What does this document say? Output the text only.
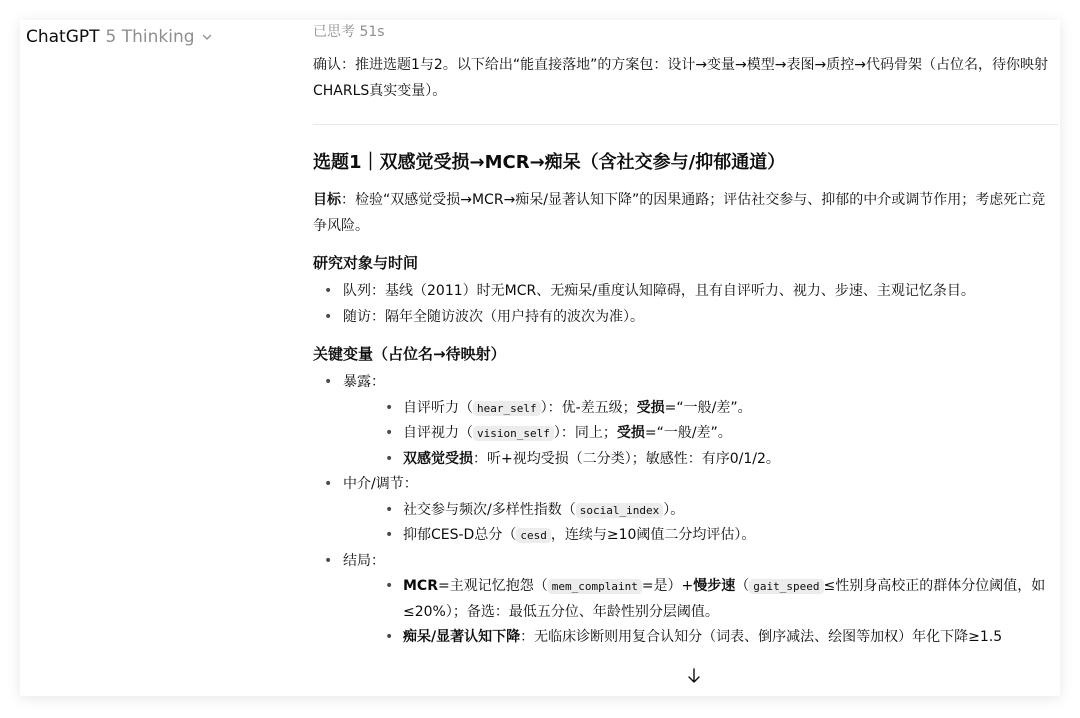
ChatGPT 5 Thinking	已思考 51s
确认：推进选题1与2。以下给出“能直接落地”的方案包：设计→变量→模型→表图→质控→代码骨架（占位名，待你映射CHARLS真实变量）。
选题1｜双感觉受损→MCR→痴呆（含社交参与/抑郁通道）
目标：检验“双感觉受损→MCR→痴呆/显著认知下降”的因果通路；评估社交参与、抑郁的中介或调节作用；考虑死亡竞争风险。
研究对象与时间
• 队列：基线（2011）时无MCR、无痴呆/重度认知障碍，且有自评听力、视力、步速、主观记忆条目。
• 随访：隔年全随访波次（用户持有的波次为准）。
关键变量（占位名→待映射）
• 暴露：
• 自评听力（ hear_self ）：优-差五级；受损=“一般/差”。
• 自评视力（ vision_self ）：同上；受损=“一般/差”。
• 双感觉受损：听+视均受损（二分类）；敏感性：有序0/1/2。
• 中介/调节：
• 社交参与频次/多样性指数（ social_index ）。
• 抑郁CES-D总分（ cesd ，连续与≥10阈值二分均评估）。
• 结局：
• MCR=主观记忆抱怨（ mem_complaint =是）+慢步速（ gait_speed ≤性别身高校正的群体分位阈值，如≤20%）；备选：最低五分位、年龄性别分层阈值。
• 痴呆/显著认知下降：无临床诊断则用复合认知分（词表、倒序减法、绘图等加权）年化下降≥1.5
